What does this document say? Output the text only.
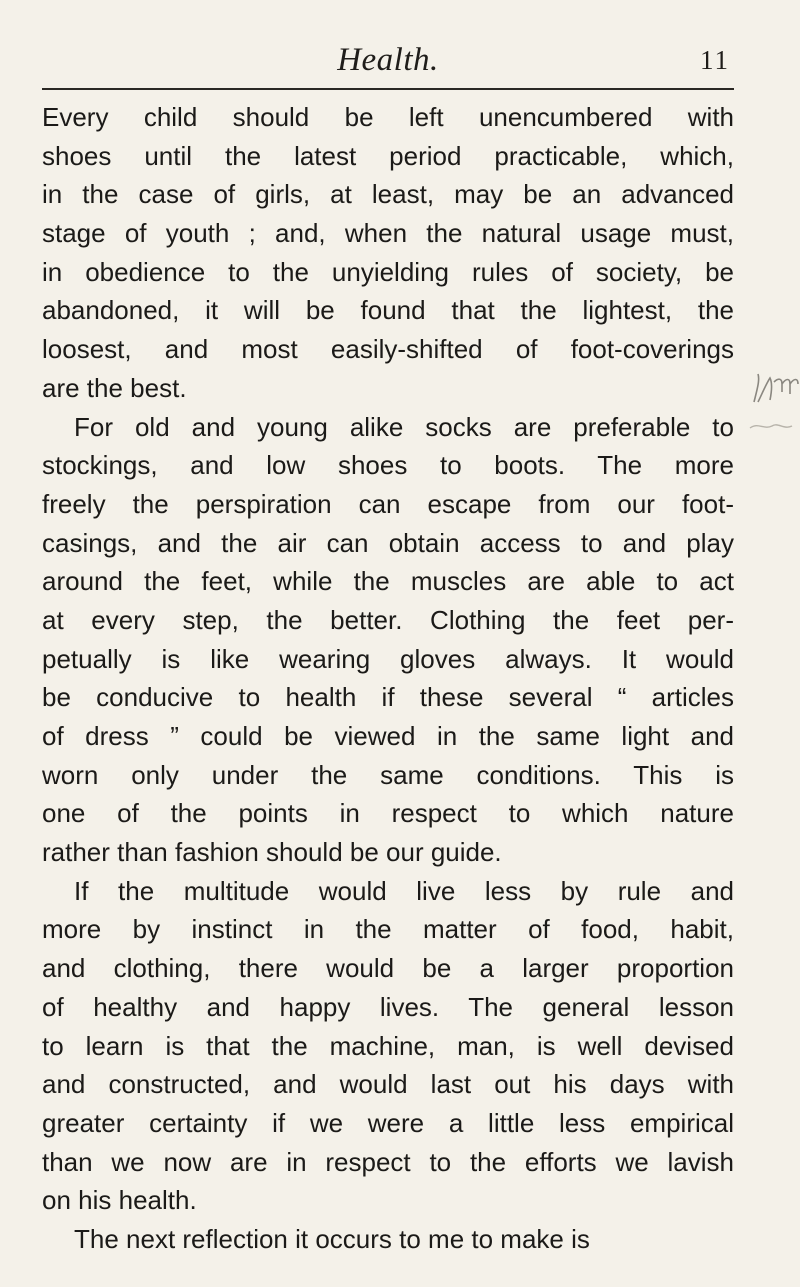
Health.	11
Every child should be left unencumbered with
shoes until the latest period practicable, which,
in the case of girls, at least, may be an advanced
stage of youth ; and, when the natural usage must,
in obedience to the unyielding rules of society, be
abandoned, it will be found that the lightest, the
loosest, and most easily-shifted of foot-coverings
are the best.
For old and young alike socks are preferable to
stockings, and low shoes to boots. The more
freely the perspiration can escape from our foot-
casings, and the air can obtain access to and play
around the feet, while the muscles are able to act
at every step, the better. Clothing the feet per-
petually is like wearing gloves always. It would
be conducive to health if these several “ articles
of dress ” could be viewed in the same light and
worn only under the same conditions. This is
one of the points in respect to which nature
rather than fashion should be our guide.
If the multitude would live less by rule and
more by instinct in the matter of food, habit,
and clothing, there would be a larger proportion
of healthy and happy lives. The general lesson
to learn is that the machine, man, is well devised
and constructed, and would last out his days with
greater certainty if we were a little less empirical
than we now are in respect to the efforts we lavish
on his health.
The next reflection it occurs to me to make is
